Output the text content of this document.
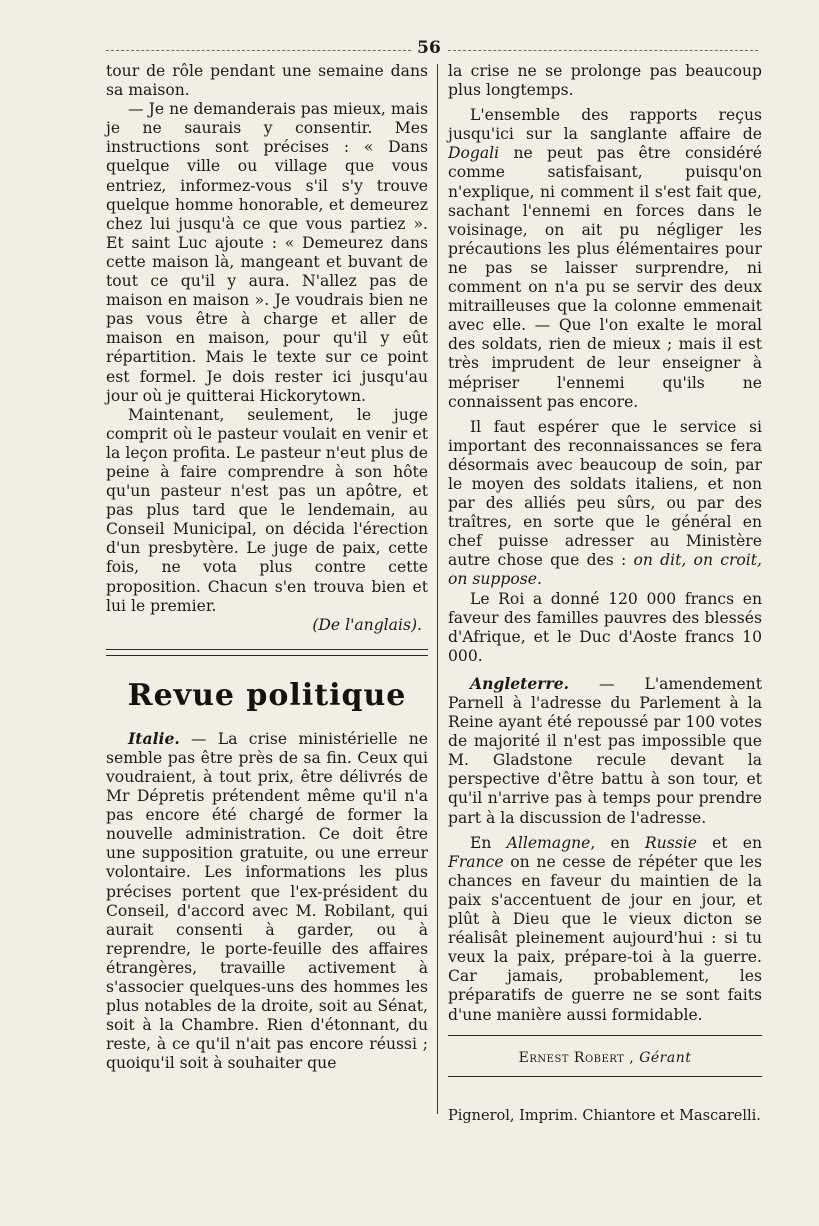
56

tour de rôle pendant une semaine dans sa maison.

— Je ne demanderais pas mieux, mais je ne saurais y consentir. Mes instructions sont précises : « Dans quelque ville ou village que vous entriez, informez-vous s'il s'y trouve quelque homme honorable, et demeurez chez lui jusqu'à ce que vous partiez ». Et saint Luc ajoute : « Demeurez dans cette maison là, mangeant et buvant de tout ce qu'il y aura. N'allez pas de maison en maison ». Je voudrais bien ne pas vous être à charge et aller de maison en maison, pour qu'il y eût répartition. Mais le texte sur ce point est formel. Je dois rester ici jusqu'au jour où je quitterai Hickorytown.

Maintenant, seulement, le juge comprit où le pasteur voulait en venir et la leçon profita. Le pasteur n'eut plus de peine à faire comprendre à son hôte qu'un pasteur n'est pas un apôtre, et pas plus tard que le lendemain, au Conseil Municipal, on décida l'érection d'un presbytère. Le juge de paix, cette fois, ne vota plus contre cette proposition. Chacun s'en trouva bien et lui le premier.

(De l'anglais).

Revue politique

Italie. — La crise ministérielle ne semble pas être près de sa fin. Ceux qui voudraient, à tout prix, être délivrés de Mr Dépretis prétendent même qu'il n'a pas encore été chargé de former la nouvelle administration. Ce doit être une supposition gratuite, ou une erreur volontaire. Les informations les plus précises portent que l'ex-président du Conseil, d'accord avec M. Robilant, qui aurait consenti à garder, ou à reprendre, le porte-feuille des affaires étrangères, travaille activement à s'associer quelques-uns des hommes les plus notables de la droite, soit au Sénat, soit à la Chambre. Rien d'étonnant, du reste, à ce qu'il n'ait pas encore réussi ; quoiqu'il soit à souhaiter que

la crise ne se prolonge pas beaucoup plus longtemps.

L'ensemble des rapports reçus jusqu'ici sur la sanglante affaire de Dogali ne peut pas être considéré comme satisfaisant, puisqu'on n'explique, ni comment il s'est fait que, sachant l'ennemi en forces dans le voisinage, on ait pu négliger les précautions les plus élémentaires pour ne pas se laisser surprendre, ni comment on n'a pu se servir des deux mitrailleuses que la colonne emmenait avec elle. — Que l'on exalte le moral des soldats, rien de mieux ; mais il est très imprudent de leur enseigner à mépriser l'ennemi qu'ils ne connaissent pas encore.

Il faut espérer que le service si important des reconnaissances se fera désormais avec beaucoup de soin, par le moyen des soldats italiens, et non par des alliés peu sûrs, ou par des traîtres, en sorte que le général en chef puisse adresser au Ministère autre chose que des : on dit, on croit, on suppose.

Le Roi a donné 120 000 francs en faveur des familles pauvres des blessés d'Afrique, et le Duc d'Aoste francs 10 000.

Angleterre. — L'amendement Parnell à l'adresse du Parlement à la Reine ayant été repoussé par 100 votes de majorité il n'est pas impossible que M. Gladstone recule devant la perspective d'être battu à son tour, et qu'il n'arrive pas à temps pour prendre part à la discussion de l'adresse.

En Allemagne, en Russie et en France on ne cesse de répéter que les chances en faveur du maintien de la paix s'accentuent de jour en jour, et plût à Dieu que le vieux dicton se réalisât pleinement aujourd'hui : si tu veux la paix, prépare-toi à la guerre. Car jamais, probablement, les préparatifs de guerre ne se sont faits d'une manière aussi formidable.

Ernest Robert , Gérant

Pignerol, Imprim. Chiantore et Mascarelli.
